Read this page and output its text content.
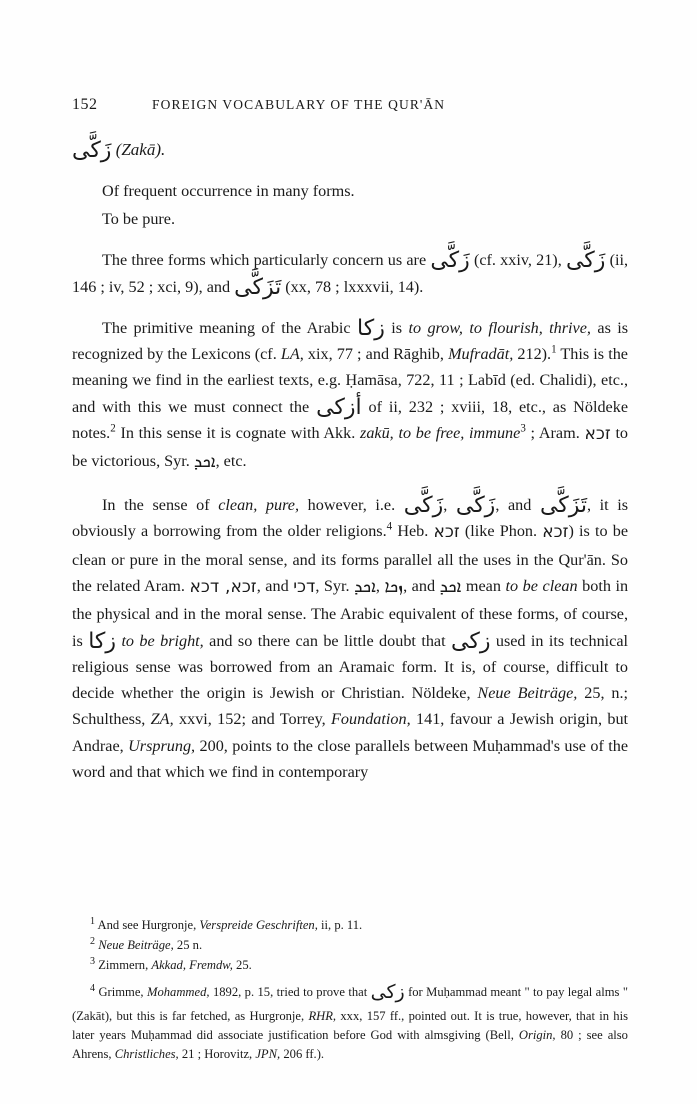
152	FOREIGN VOCABULARY OF THE QUR'ĀN

زَكَّى (Zakā).

Of frequent occurrence in many forms.

To be pure.

The three forms which particularly concern us are زَكَّى (cf. xxiv, 21), زَكَّى (ii, 146 ; iv, 52 ; xci, 9), and تَزَكَّى (xx, 78 ; lxxxvii, 14).

The primitive meaning of the Arabic زكا is to grow, to flourish, thrive, as is recognized by the Lexicons (cf. LA, xix, 77 ; and Rāghib, Mufradāt, 212).$^1$ This is the meaning we find in the earliest texts, e.g. Ḥamāsa, 722, 11 ; Labīd (ed. Chalidi), etc., and with this we must connect the أزكى of ii, 232 ; xviii, 18, etc., as Nöldeke notes.$^2$ In this sense it is cognate with Akk. zakū, to be free, immune$^3$ ; Aram. זכא to be victorious, Syr. ܐܟܕ, etc.

In the sense of clean, pure, however, i.e. زَكَّى, زَكَّى, and تَزَكَّى, it is obviously a borrowing from the older religions.$^4$ Heb. זכא (like Phon. זכא) is to be clean or pure in the moral sense, and its forms parallel all the uses in the Qur'ān. So the related Aram. זכא, דכא, and דכי, Syr. ܐܟܕ, ܙܟܐ, and ܐܟܕ mean to be clean both in the physical and in the moral sense. The Arabic equivalent of these forms, of course, is زكا to be bright, and so there can be little doubt that زكى used in its technical religious sense was borrowed from an Aramaic form. It is, of course, difficult to decide whether the origin is Jewish or Christian. Nöldeke, Neue Beiträge, 25, n.; Schulthess, ZA, xxvi, 152; and Torrey, Foundation, 141, favour a Jewish origin, but Andrae, Ursprung, 200, points to the close parallels between Muḥammad's use of the word and that which we find in contemporary

$^1$ And see Hurgronje, Verspreide Geschriften, ii, p. 11.

$^2$ Neue Beiträge, 25 n.

$^3$ Zimmern, Akkad, Fremdw, 25.

$^4$ Grimme, Mohammed, 1892, p. 15, tried to prove that زكى for Muḥammad meant " to pay legal alms " (Zakāt), but this is far fetched, as Hurgronje, RHR, xxx, 157 ff., pointed out. It is true, however, that in his later years Muḥammad did associate justification before God with almsgiving (Bell, Origin, 80 ; see also Ahrens, Christliches, 21 ; Horovitz, JPN, 206 ff.).
